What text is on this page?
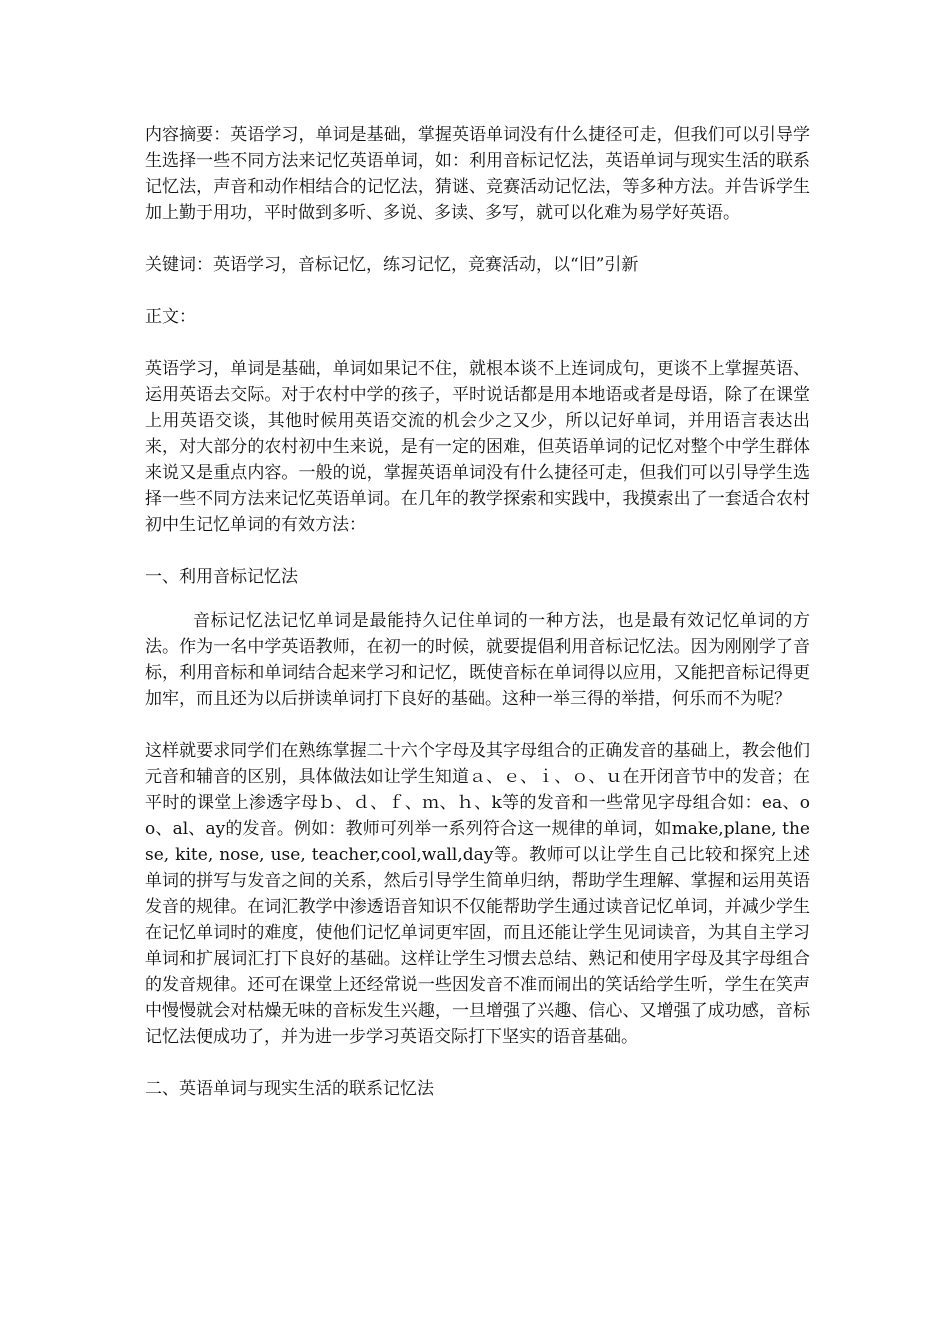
内容摘要：英语学习，单词是基础，掌握英语单词没有什么捷径可走，但我们可以引导学生选择一些不同方法来记忆英语单词，如：利用音标记忆法，英语单词与现实生活的联系记忆法，声音和动作相结合的记忆法，猜谜、竞赛活动记忆法，等多种方法。并告诉学生加上勤于用功，平时做到多听、多说、多读、多写，就可以化难为易学好英语。

关键词：英语学习，音标记忆，练习记忆，竞赛活动，以“旧”引新

正文：

英语学习，单词是基础，单词如果记不住，就根本谈不上连词成句，更谈不上掌握英语、运用英语去交际。对于农村中学的孩子，平时说话都是用本地语或者是母语，除了在课堂上用英语交谈，其他时候用英语交流的机会少之又少，所以记好单词，并用语言表达出来，对大部分的农村初中生来说，是有一定的困难，但英语单词的记忆对整个中学生群体来说又是重点内容。一般的说，掌握英语单词没有什么捷径可走，但我们可以引导学生选择一些不同方法来记忆英语单词。在几年的教学探索和实践中，我摸索出了一套适合农村初中生记忆单词的有效方法：

一、利用音标记忆法

音标记忆法记忆单词是最能持久记住单词的一种方法，也是最有效记忆单词的方法。作为一名中学英语教师，在初一的时候，就要提倡利用音标记忆法。因为刚刚学了音标，利用音标和单词结合起来学习和记忆，既使音标在单词得以应用，又能把音标记得更加牢，而且还为以后拼读单词打下良好的基础。这种一举三得的举措，何乐而不为呢？

这样就要求同学们在熟练掌握二十六个字母及其字母组合的正确发音的基础上，教会他们元音和辅音的区别，具体做法如让学生知道ａ、ｅ、ｉ、ｏ、ｕ在开闭音节中的发音；在平时的课堂上渗透字母ｂ、ｄ、ｆ、ｍ、ｈ、k等的发音和一些常见字母组合如：ea、oo、al、ay的发音。例如：教师可列举一系列符合这一规律的单词，如make,plane, these, kite, nose, use, teacher,cool,wall,day等。教师可以让学生自己比较和探究上述单词的拼写与发音之间的关系，然后引导学生简单归纳，帮助学生理解、掌握和运用英语发音的规律。在词汇教学中渗透语音知识不仅能帮助学生通过读音记忆单词，并减少学生在记忆单词时的难度，使他们记忆单词更牢固，而且还能让学生见词读音，为其自主学习单词和扩展词汇打下良好的基础。这样让学生习惯去总结、熟记和使用字母及其字母组合的发音规律。还可在课堂上还经常说一些因发音不准而闹出的笑话给学生听，学生在笑声中慢慢就会对枯燥无味的音标发生兴趣，一旦增强了兴趣、信心、又增强了成功感，音标记忆法便成功了，并为进一步学习英语交际打下坚实的语音基础。

二、英语单词与现实生活的联系记忆法
